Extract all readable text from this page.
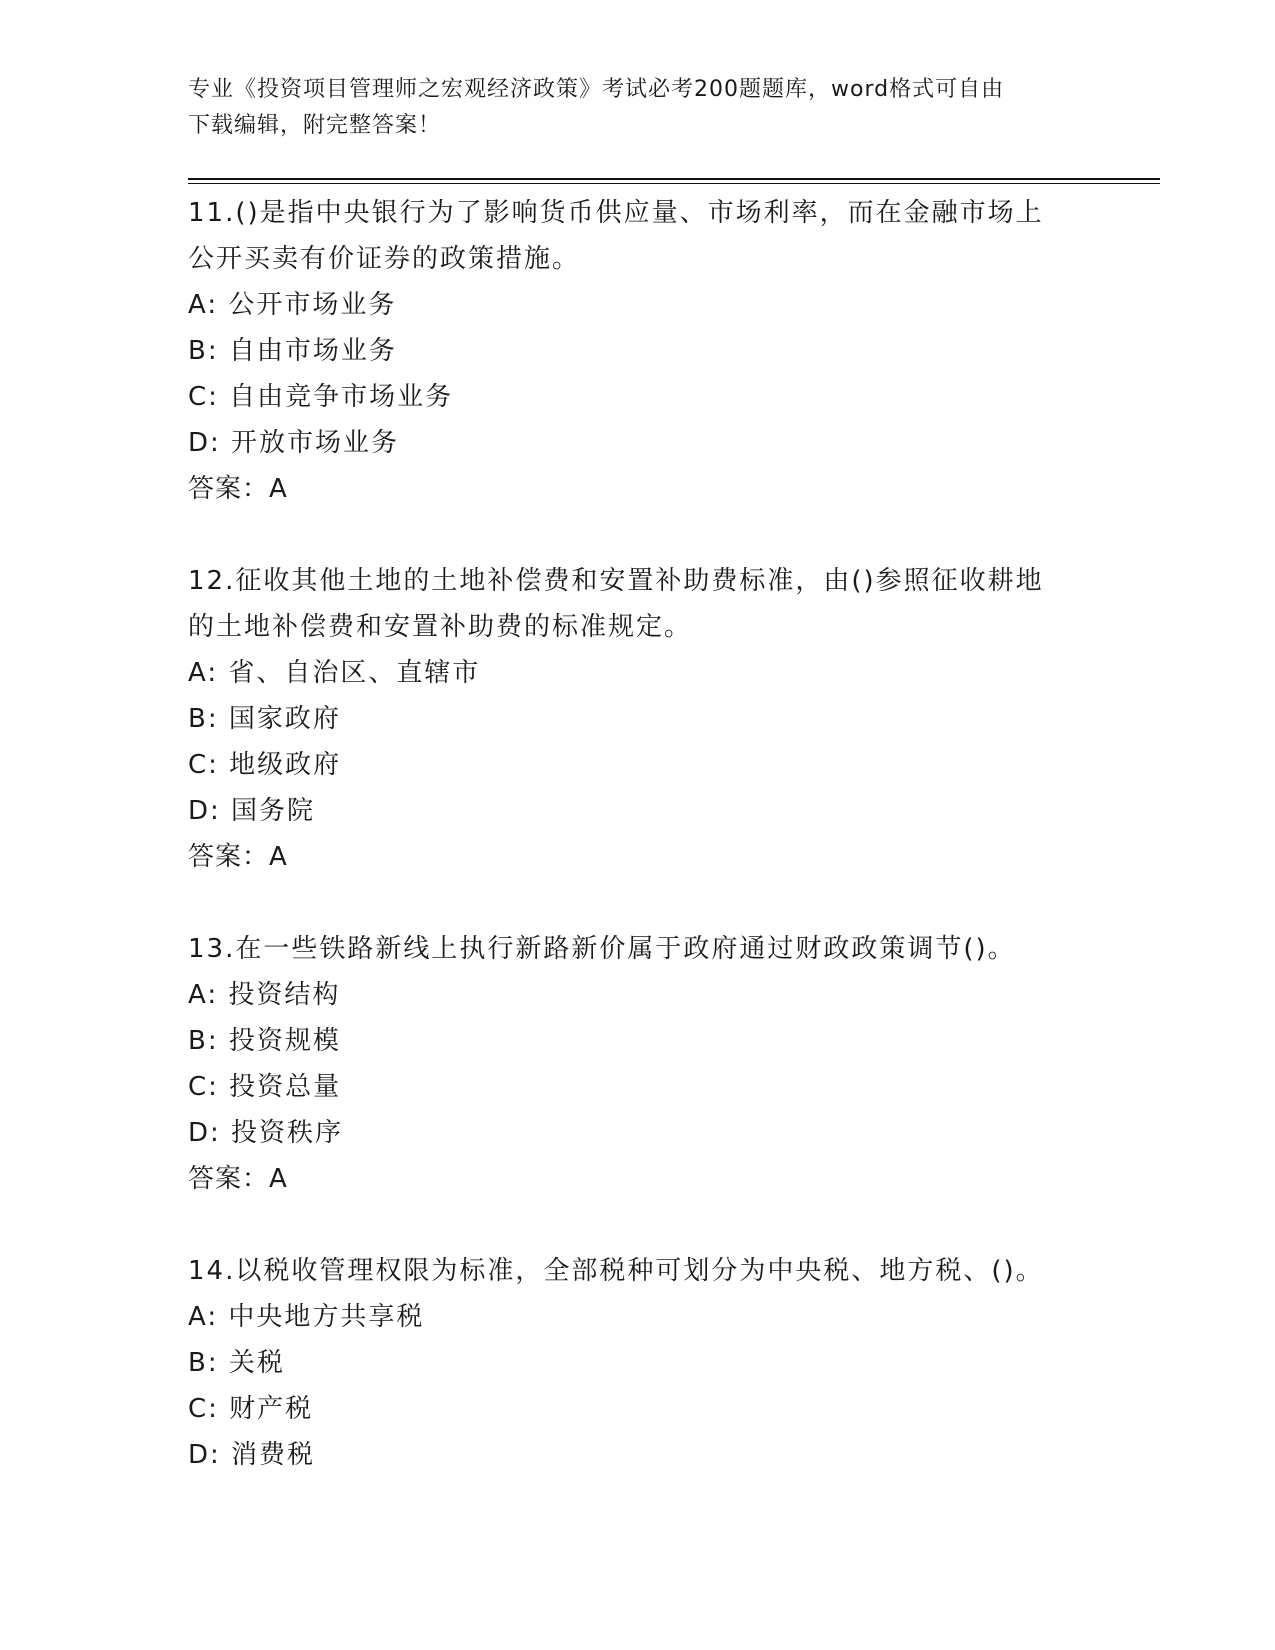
专业《投资项目管理师之宏观经济政策》考试必考200题题库，word格式可自由
下载编辑，附完整答案！
11.()是指中央银行为了影响货币供应量、市场利率，而在金融市场上
公开买卖有价证券的政策措施。
A: 公开市场业务
B: 自由市场业务
C: 自由竞争市场业务
D: 开放市场业务
答案：A
12.征收其他土地的土地补偿费和安置补助费标准，由()参照征收耕地
的土地补偿费和安置补助费的标准规定。
A: 省、自治区、直辖市
B: 国家政府
C: 地级政府
D: 国务院
答案：A
13.在一些铁路新线上执行新路新价属于政府通过财政政策调节()。
A: 投资结构
B: 投资规模
C: 投资总量
D: 投资秩序
答案：A
14.以税收管理权限为标准，全部税种可划分为中央税、地方税、()。
A: 中央地方共享税
B: 关税
C: 财产税
D: 消费税
